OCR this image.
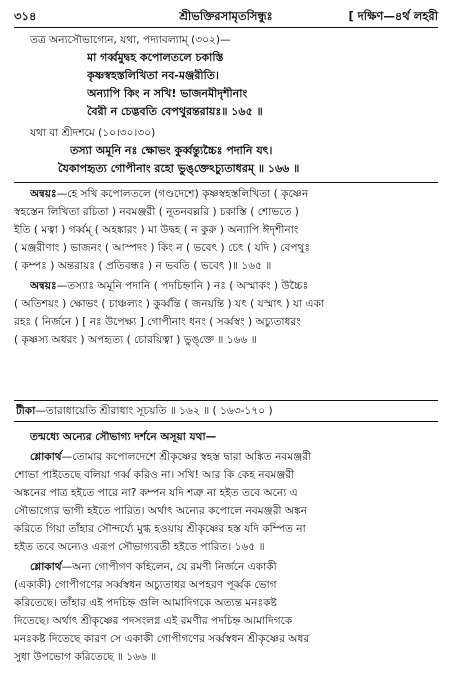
৩১৪	শ্রীভক্তিরসামৃতসিন্ধুঃ	[ দক্ষিণ—৪র্থ লহরী
তত্র অন্যসৌভাগ্যেন, যথা, পদ্যাবল্যাম্‌ (৩০২)—
মা গর্ব্বমুদ্বহ কপোলতলে চকাস্তি
কৃষ্ণস্বহস্তলিখিতা নব-মঞ্জরীতি।
অন্যাপি কিং ন সখি! ভাজনমীদৃশীনাং
বৈরী ন চেদ্ভবতি বেপথুরন্তরায়ঃ॥ ১৬৫ ॥
যথা বা শ্রীদশমে (১০।৩০।৩০)
তস্যা অমূনি নঃ ক্ষোভং কুর্ব্বন্ত্যুচ্চৈঃ পদানি যৎ।
যৈকাপহৃত্য গোপীনাং রহো ভুঙ্‌ক্তেঽচ্যুতাধরম্‌ ॥ ১৬৬ ॥
অন্বয়ঃ—হে সখি কপোলতলে (গণ্ডদেশে) কৃষ্ণস্বহস্তলিখিতা ( কৃষ্ণেন
স্বহস্তেন লিখিতা রচিতা ) নবমঞ্জরী ( নূতনবল্লরি ) চকাস্তি ( শোভতে )
ইতি ( মত্বা ) গর্ব্বম্‌ ( অহঙ্কারং ) মা উদ্বহ ( ন কুরু ) অন্যাপি ঈদৃশীনাং
( মঞ্জরীণাং ) ভাজনং ( আস্পদং ) কিং ন ( ভবেৎ ) চেৎ ( যদি ) বেপথুঃ
( কম্পঃ ) অন্তরায়ঃ ( প্রতিবন্ধঃ ) ন ভবতি ( ভবেৎ )॥ ১৬৫ ॥
অন্বয়ঃ—তস্যাঃ অমূনি পদানি ( পদচিহ্নানি ) নঃ ( অস্মাকং ) উচ্চৈঃ
( অতিশয়ং ) ক্ষোভং ( চাঞ্চল্যং ) কুর্ব্বন্তি ( জনয়ন্তি ) যৎ ( যস্মাৎ ) যা একা
রহঃ ( নির্জনে ) [ নঃ উপেক্ষ্য ] গোপীনাং ধনং ( সর্ব্বস্বং ) অচ্যুতাধরং
( কৃষ্ণস্য অধরং ) অপহৃত্য ( চোরয়িত্বা ) ভুঙ্‌ক্তে ॥ ১৬৬ ॥
টীকা—তারাধায়েতি শ্রীরাধাং সূচয়তি ॥ ১৬২ ॥ ( ১৬৩-১৭০ )
তন্মধ্যে অন্যের সৌভাগ্য দর্শনে অসূয়া যথা—
শ্লোকার্থ—তোমার কপোলদেশে শ্রীকৃষ্ণের স্বহস্ত দ্বারা অঙ্কিত নবমঞ্জরী
শোভা পাইতেছে বলিয়া গর্ব্ব করিও না। সখি! আর কি কেহ নবমঞ্জরী
অঙ্কনের পাত্র হইতে পারে না? কম্পন যদি শত্রু না হইত তবে অন্যে এ
সৌভাগ্যের ভাগী হইতে পারিত। অর্থাৎ অন্যের কপোলে নবমঞ্জরী অঙ্কন
করিতে গিয়া তাঁহার সৌন্দর্য্যে মুগ্ধ হওয়ায় শ্রীকৃষ্ণের হস্ত যদি কম্পিত না
হইত তবে অন্যেও এরূপ সৌভাগ্যবতী হইতে পারিত। ১৬৫ ॥
শ্লোকার্থ—অন্য গোপীগণ কহিলেন, যে রমণী নির্জনে একাকী
(একাকী) গোপীগণের সর্ব্বস্বধন অচ্যুতাধর অপহরণ পূর্ব্বক ভোগ
করিতেছে। তাঁহার এই পদচিহ্ন গুলি আমাদিগকে অত্যন্ত মনঃকষ্ট
দিতেছে। অর্থাৎ শ্রীকৃষ্ণের পদসংলগ্ন এই রমণীর পদচিহ্ন আমাদিগকে
মনঃকষ্ট দিতেছে কারণ সে একাকী গোপীগণের সর্ব্বস্বধন শ্রীকৃষ্ণের অধর
সুধা উপভোগ করিতেছে ॥ ১৬৬ ॥
